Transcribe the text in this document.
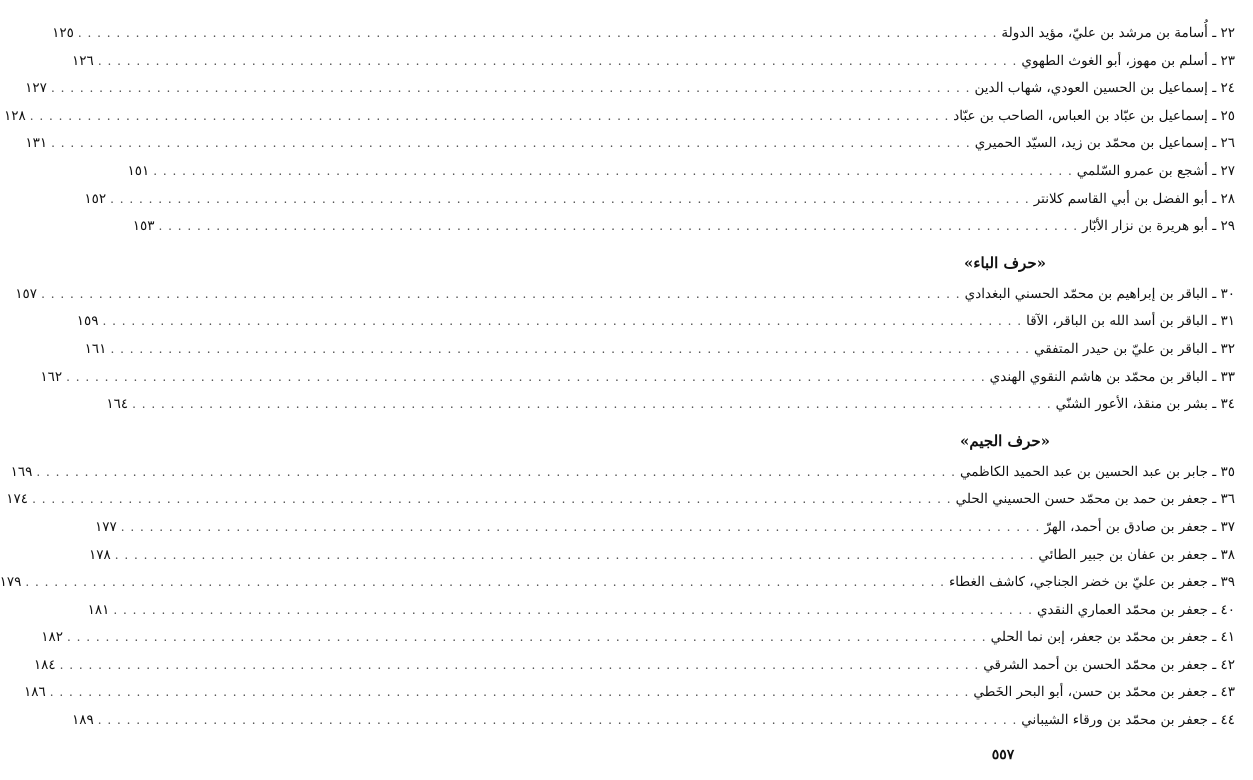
٢٢ ـ

أُسامة بن مرشد بن عليّ، مؤيد الدولة
. . .
١٢٥
٢٣ ـ

أسلم بن مهوز، أبو الغوث الطهوي
. . .
١٢٦
٢٤ ـ

إسماعيل بن الحسين العودي، شهاب الدين
. . .
١٢٧
٢٥ ـ

إسماعيل بن عبّاد بن العباس، الصاحب بن عبّاد
. . .
١٢٨
٢٦ ـ

إسماعيل بن محمّد بن زيد، السيّد الحميري
. . .
١٣١
٢٧ ـ

أشجع بن عمرو السّلمي
. . .
١٥١
٢٨ ـ

أبو الفضل بن أبي القاسم كلانتر
. . .
١٥٢
٢٩ ـ

أبو هريرة بن نزار الأبّار
. . .
١٥٣
«حرف الباء»
٣٠ ـ

الباقر بن إبراهيم بن محمّد الحسني البغدادي
. . .
١٥٧
٣١ ـ

الباقر بن أسد الله بن الباقر، الآقا
. . .
١٥٩
٣٢ ـ

الباقر بن عليّ بن حيدر المتفقي
. . .
١٦١
٣٣ ـ

الباقر بن محمّد بن هاشم النقوي الهندي
. . .
١٦٢
٣٤ ـ

بشر بن منقذ، الأعور الشنّي
. . .
١٦٤
«حرف الجيم»
٣٥ ـ

جابر بن عبد الحسين بن عبد الحميد الكاظمي
. . .
١٦٩
٣٦ ـ

جعفر بن حمد بن محمّد حسن الحسيني الحلي
. . .
١٧٤
٣٧ ـ

جعفر بن صادق بن أحمد، الهرّ
. . .
١٧٧
٣٨ ـ

جعفر بن عفان بن جبير الطائي
. . .
١٧٨
٣٩ ـ

جعفر بن عليّ بن خضر الجناجي، كاشف الغطاء
. . .
١٧٩
٤٠ ـ

جعفر بن محمّد العماري النقدي
. . .
١٨١
٤١ ـ

جعفر بن محمّد بن جعفر، إبن نما الحلي
. . .
١٨٢
٤٢ ـ

جعفر بن محمّد الحسن بن أحمد الشرقي
. . .
١٨٤
٤٣ ـ

جعفر بن محمّد بن حسن، أبو البحر الخَطي
. . .
١٨٦
٤٤ ـ

جعفر بن محمّد بن ورقاء الشيباني
. . .
١٨٩
٥٥٧
